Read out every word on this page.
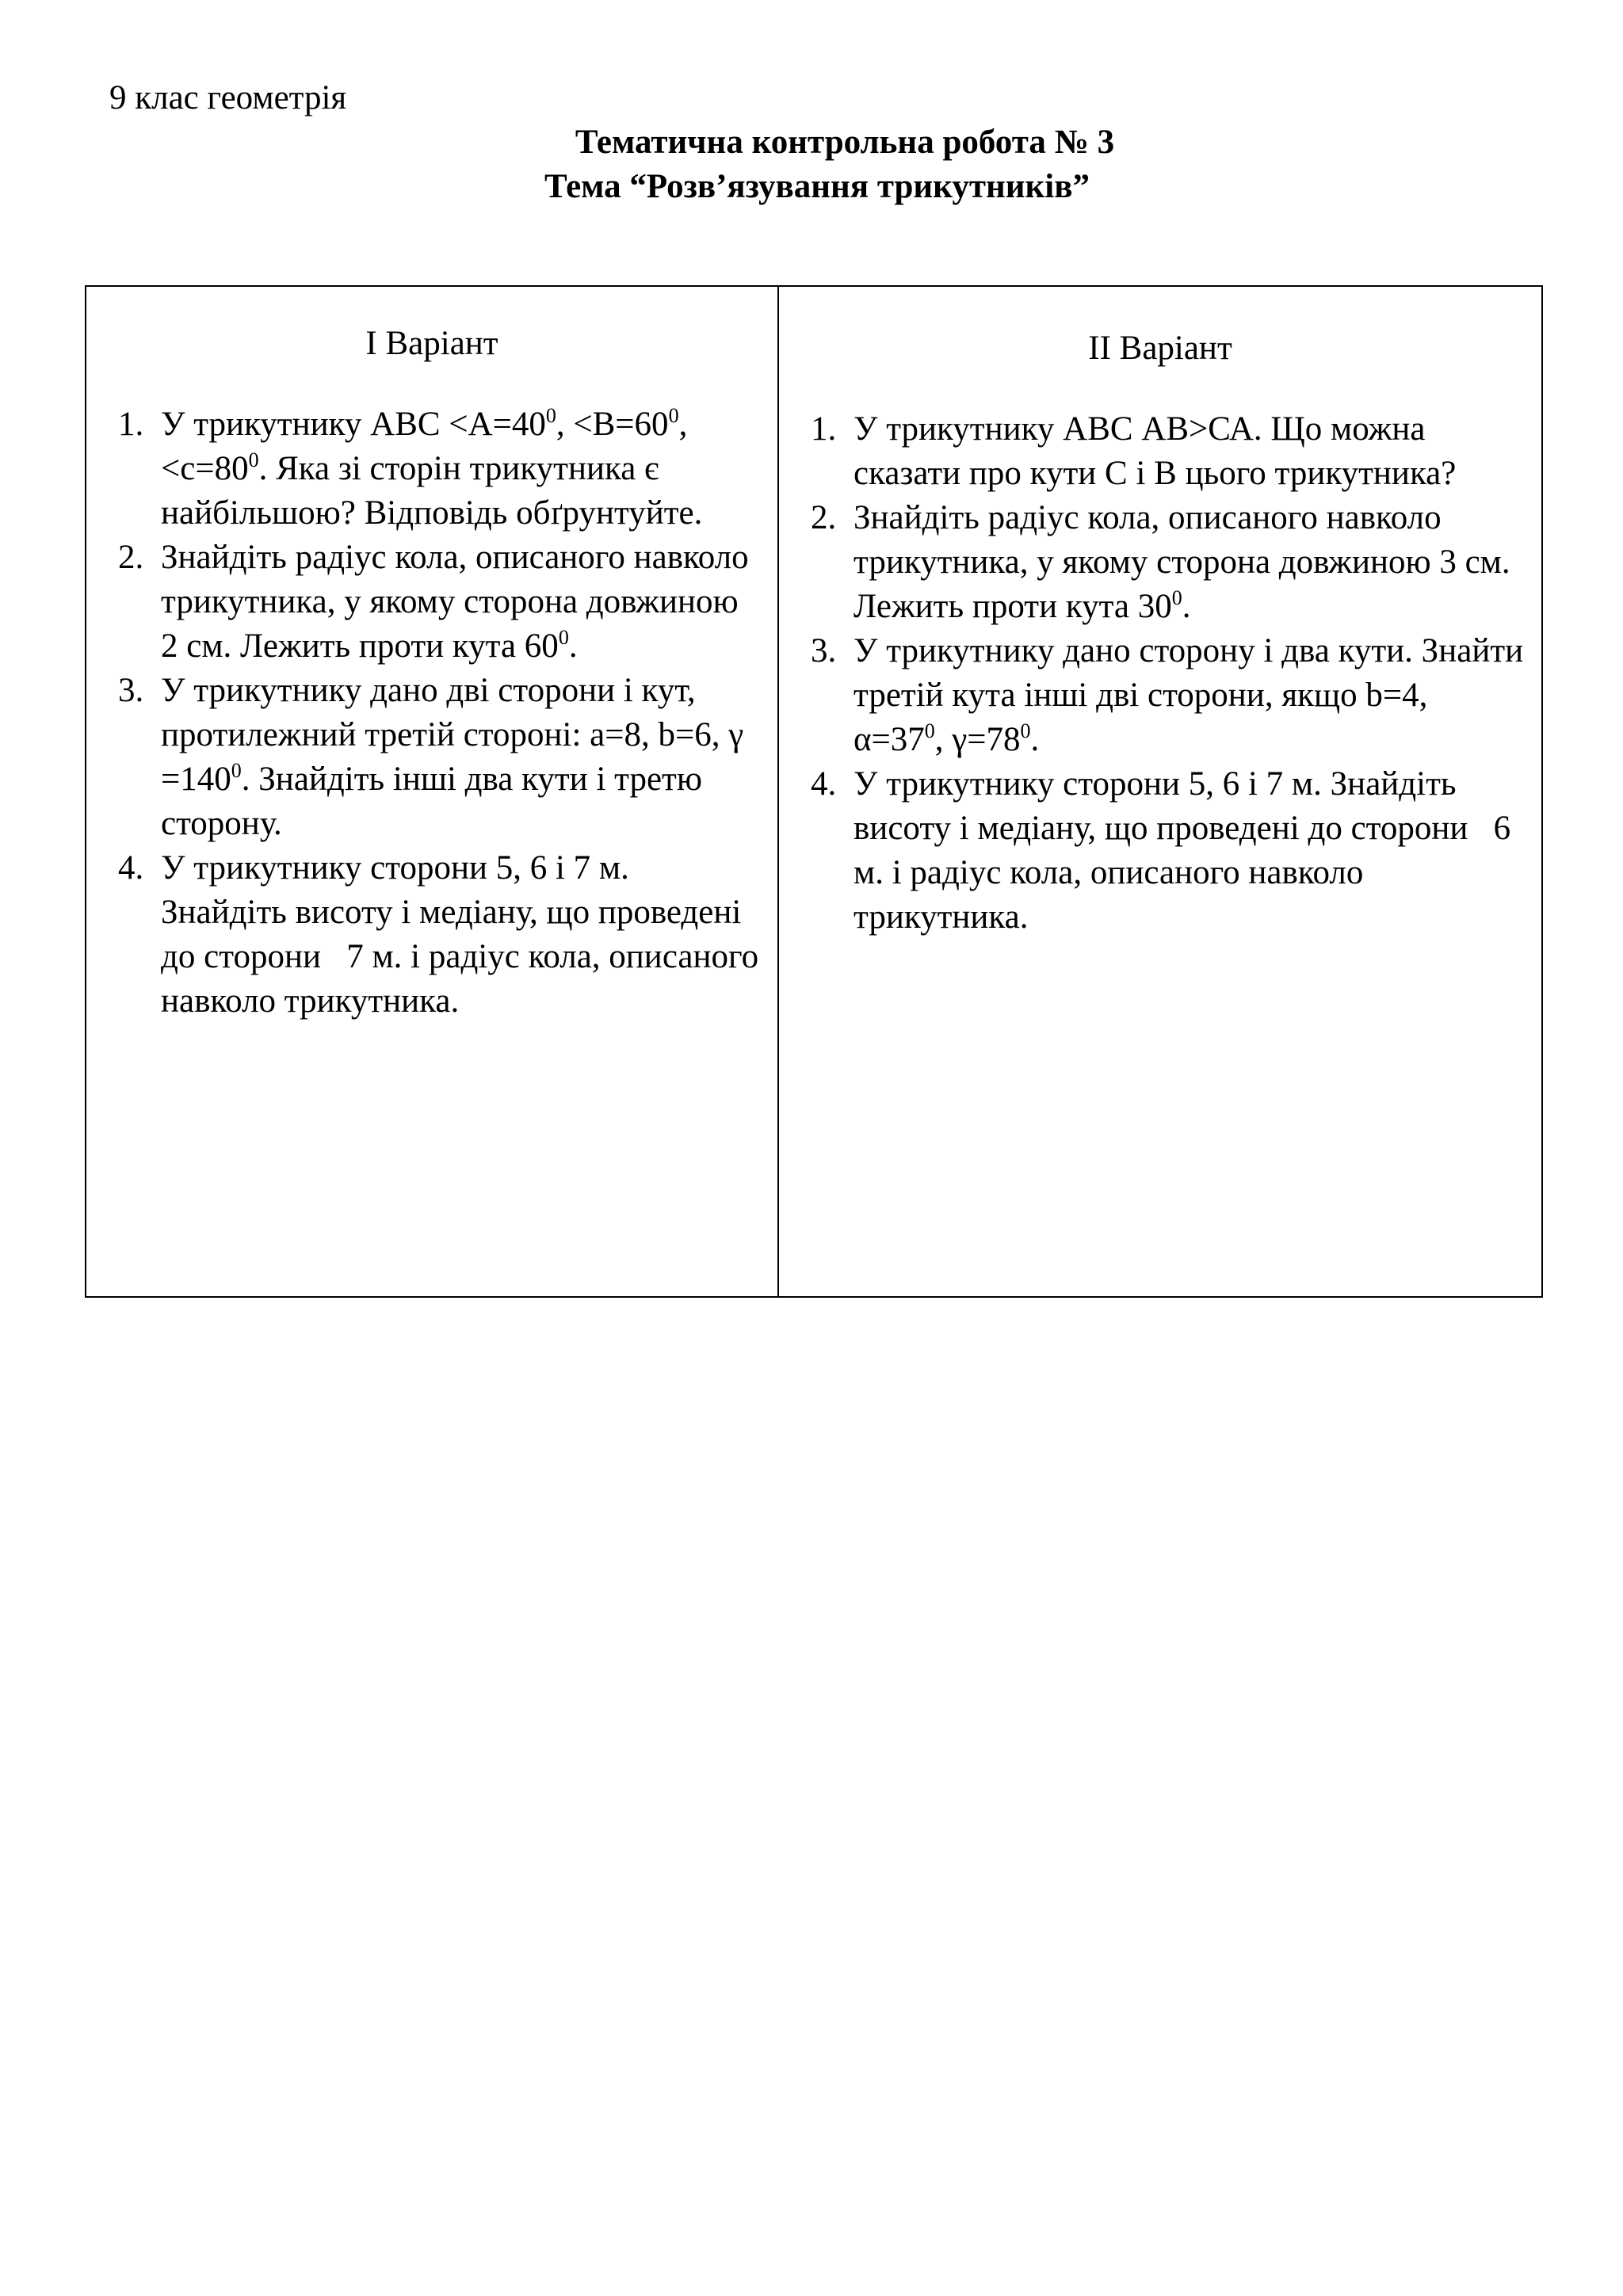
9 клас геометрія
Тематична контрольна робота № 3
Тема “Розв’язування трикутників”
I Варіант
1. У трикутнику АВС $<A=40^0$, $<B=60^0$, $<c=80^0$. Яка зі сторін трикутника є найбільшою? Відповідь обґрунтуйте.
2. Знайдіть радіус кола, описаного навколо трикутника, у якому сторона довжиною 2 см. Лежить проти кута $60^0$.
3. У трикутнику дано дві сторони і кут, протилежний третій стороні: a=8, b=6, $\gamma =140^0$. Знайдіть інші два кути і третю сторону.
4. У трикутнику сторони 5, 6 і 7 м. Знайдіть висоту і медіану, що проведені до сторони   7 м. і радіус кола, описаного навколо трикутника.

II Варіант
1. У трикутнику АВС АВ>СА. Що можна сказати про кути С і В цього трикутника?
2. Знайдіть радіус кола, описаного навколо трикутника, у якому сторона довжиною 3 см. Лежить проти кута $30^0$.
3. У трикутнику дано сторону і два кути. Знайти третій кута інші дві сторони, якщо b=4, $\alpha=37^0$, $\gamma=78^0$.
4. У трикутнику сторони 5, 6 і 7 м. Знайдіть висоту і медіану, що проведені до сторони   6 м. і радіус кола, описаного навколо трикутника.
